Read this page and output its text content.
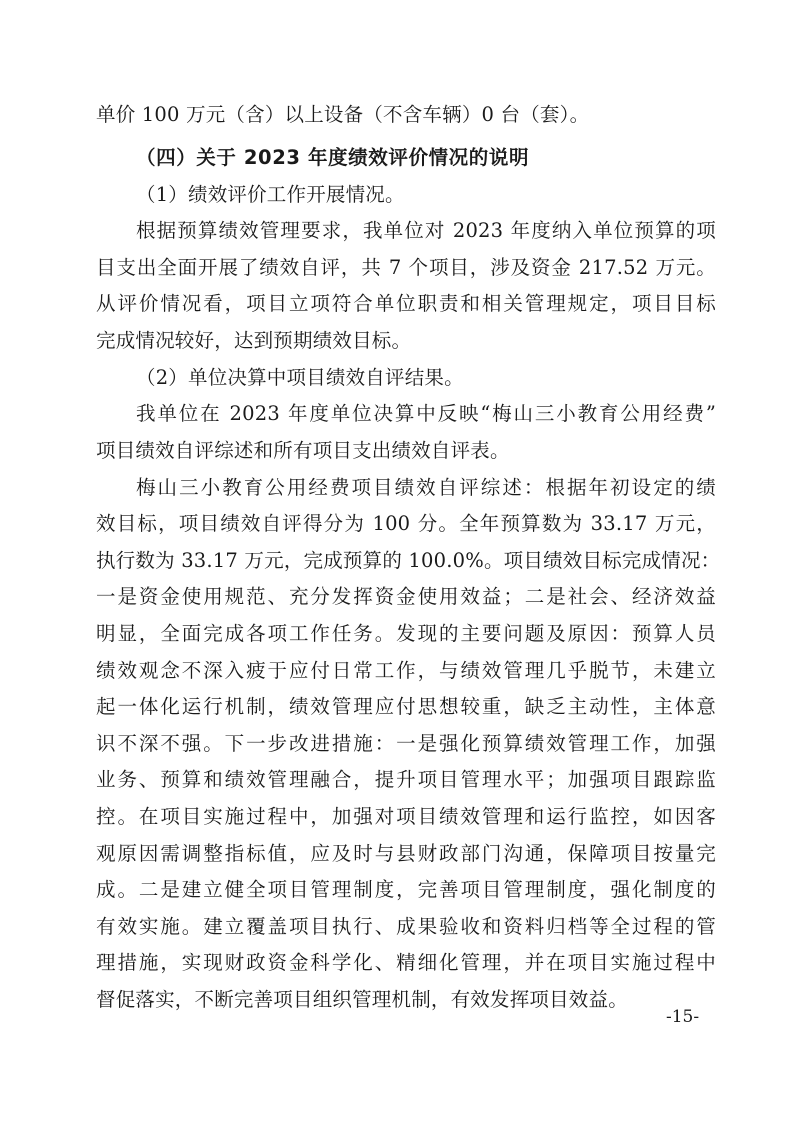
单价 100 万元（含）以上设备（不含车辆）0 台（套）。
（四）关于 2023 年度绩效评价情况的说明
（1）绩效评价工作开展情况。
根据预算绩效管理要求，我单位对 2023 年度纳入单位预算的项
目支出全面开展了绩效自评，共 7 个项目，涉及资金 217.52 万元。
从评价情况看，项目立项符合单位职责和相关管理规定，项目目标
完成情况较好，达到预期绩效目标。
（2）单位决算中项目绩效自评结果。
我单位在 2023 年度单位决算中反映“梅山三小教育公用经费”
项目绩效自评综述和所有项目支出绩效自评表。
梅山三小教育公用经费项目绩效自评综述：根据年初设定的绩
效目标，项目绩效自评得分为 100 分。全年预算数为 33.17 万元，
执行数为 33.17 万元，完成预算的 100.0%。项目绩效目标完成情况：
一是资金使用规范、充分发挥资金使用效益；二是社会、经济效益
明显，全面完成各项工作任务。发现的主要问题及原因：预算人员
绩效观念不深入疲于应付日常工作，与绩效管理几乎脱节，未建立
起一体化运行机制，绩效管理应付思想较重，缺乏主动性，主体意
识不深不强。下一步改进措施：一是强化预算绩效管理工作，加强
业务、预算和绩效管理融合，提升项目管理水平；加强项目跟踪监
控。在项目实施过程中，加强对项目绩效管理和运行监控，如因客
观原因需调整指标值，应及时与县财政部门沟通，保障项目按量完
成。二是建立健全项目管理制度，完善项目管理制度，强化制度的
有效实施。建立覆盖项目执行、成果验收和资料归档等全过程的管
理措施，实现财政资金科学化、精细化管理，并在项目实施过程中
督促落实，不断完善项目组织管理机制，有效发挥项目效益。
-15-
